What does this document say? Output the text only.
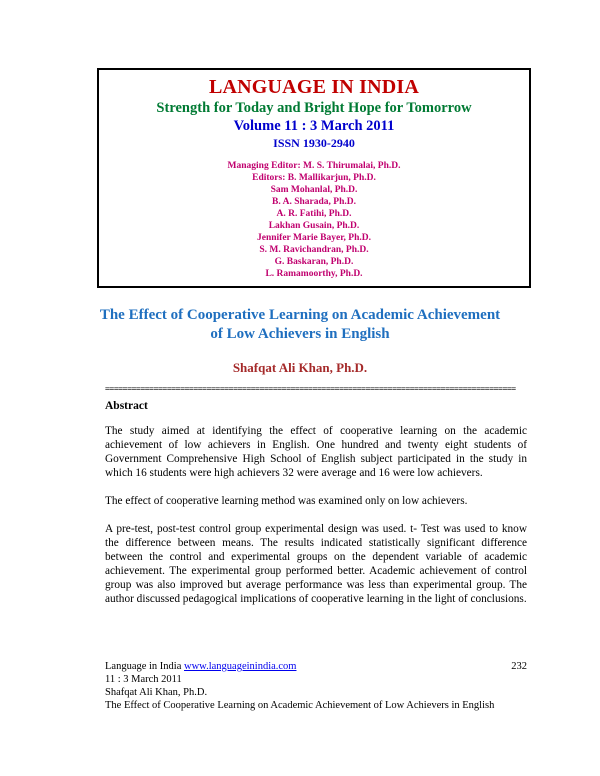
LANGUAGE IN INDIA
Strength for Today and Bright Hope for Tomorrow
Volume 11 : 3 March 2011
ISSN 1930-2940
Managing Editor: M. S. Thirumalai, Ph.D.
Editors: B. Mallikarjun, Ph.D.
Sam Mohanlal, Ph.D.
B. A. Sharada, Ph.D.
A. R. Fatihi, Ph.D.
Lakhan Gusain, Ph.D.
Jennifer Marie Bayer, Ph.D.
S. M. Ravichandran, Ph.D.
G. Baskaran, Ph.D.
L. Ramamoorthy, Ph.D.
The Effect of Cooperative Learning on Academic Achievement
of Low Achievers in English
Shafqat Ali Khan, Ph.D.
=============================================================================================
Abstract

The study aimed at identifying the effect of cooperative learning on the academic achievement of low achievers in English. One hundred and twenty eight students of Government Comprehensive High School of English subject participated in the study in which 16 students were high achievers 32 were average and 16 were low achievers.

The effect of cooperative learning method was examined only on low achievers.

A pre-test, post-test control group experimental design was used. t- Test was used to know the difference between means. The results indicated statistically significant difference between the control and experimental groups on the dependent variable of academic achievement. The experimental group performed better. Academic achievement of control group was also improved but average performance was less than experimental group. The author discussed pedagogical implications of cooperative learning in the light of conclusions.

Language in India www.languageinindia.com	232
11 : 3 March 2011
Shafqat Ali Khan, Ph.D.
The Effect of Cooperative Learning on Academic Achievement of Low Achievers in English
